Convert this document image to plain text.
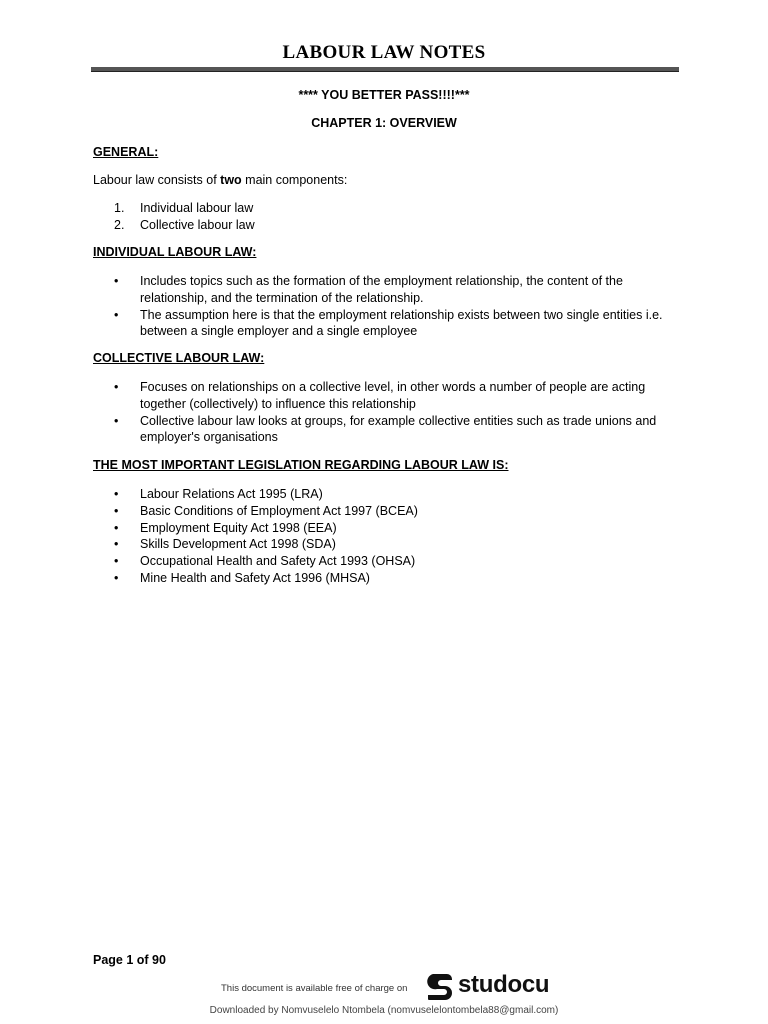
LABOUR LAW NOTES
**** YOU BETTER PASS!!!!***
CHAPTER 1: OVERVIEW
GENERAL:
Labour law consists of two main components:
1. Individual labour law
2. Collective labour law
INDIVIDUAL LABOUR LAW:
• Includes topics such as the formation of the employment relationship, the content of the relationship, and the termination of the relationship.
• The assumption here is that the employment relationship exists between two single entities i.e. between a single employer and a single employee
COLLECTIVE LABOUR LAW:
• Focuses on relationships on a collective level, in other words a number of people are acting together (collectively) to influence this relationship
• Collective labour law looks at groups, for example collective entities such as trade unions and employer's organisations
THE MOST IMPORTANT LEGISLATION REGARDING LABOUR LAW IS:
• Labour Relations Act 1995 (LRA)
• Basic Conditions of Employment Act 1997 (BCEA)
• Employment Equity Act 1998 (EEA)
• Skills Development Act 1998 (SDA)
• Occupational Health and Safety Act 1993 (OHSA)
• Mine Health and Safety Act 1996 (MHSA)
Page 1 of 90
This document is available free of charge on studocu
Downloaded by Nomvuselelo Ntombela (nomvuselelontombela88@gmail.com)
